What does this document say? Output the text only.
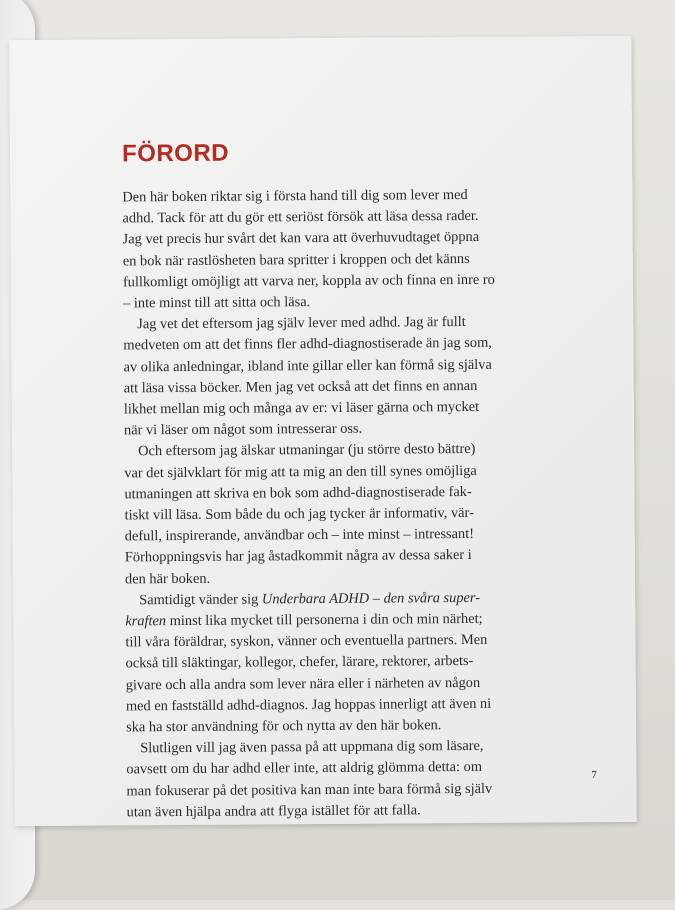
FÖRORD

Den här boken riktar sig i första hand till dig som lever med
adhd. Tack för att du gör ett seriöst försök att läsa dessa rader.
Jag vet precis hur svårt det kan vara att överhuvudtaget öppna
en bok när rastlösheten bara spritter i kroppen och det känns
fullkomligt omöjligt att varva ner, koppla av och finna en inre ro
– inte minst till att sitta och läsa.

Jag vet det eftersom jag själv lever med adhd. Jag är fullt
medveten om att det finns fler adhd-diagnostiserade än jag som,
av olika anledningar, ibland inte gillar eller kan förmå sig själva
att läsa vissa böcker. Men jag vet också att det finns en annan
likhet mellan mig och många av er: vi läser gärna och mycket
när vi läser om något som intresserar oss.

Och eftersom jag älskar utmaningar (ju större desto bättre)
var det självklart för mig att ta mig an den till synes omöjliga
utmaningen att skriva en bok som adhd-diagnostiserade fak-
tiskt vill läsa. Som både du och jag tycker är informativ, vär-
defull, inspirerande, användbar och – inte minst – intressant!
Förhoppningsvis har jag åstadkommit några av dessa saker i
den här boken.

Samtidigt vänder sig Underbara ADHD – den svåra super-
kraften minst lika mycket till personerna i din och min närhet;
till våra föräldrar, syskon, vänner och eventuella partners. Men
också till släktingar, kollegor, chefer, lärare, rektorer, arbets-
givare och alla andra som lever nära eller i närheten av någon
med en fastställd adhd-diagnos. Jag hoppas innerligt att även ni
ska ha stor användning för och nytta av den här boken.

Slutligen vill jag även passa på att uppmana dig som läsare,
oavsett om du har adhd eller inte, att aldrig glömma detta: om
man fokuserar på det positiva kan man inte bara förmå sig själv
utan även hjälpa andra att flyga istället för att falla.

7
